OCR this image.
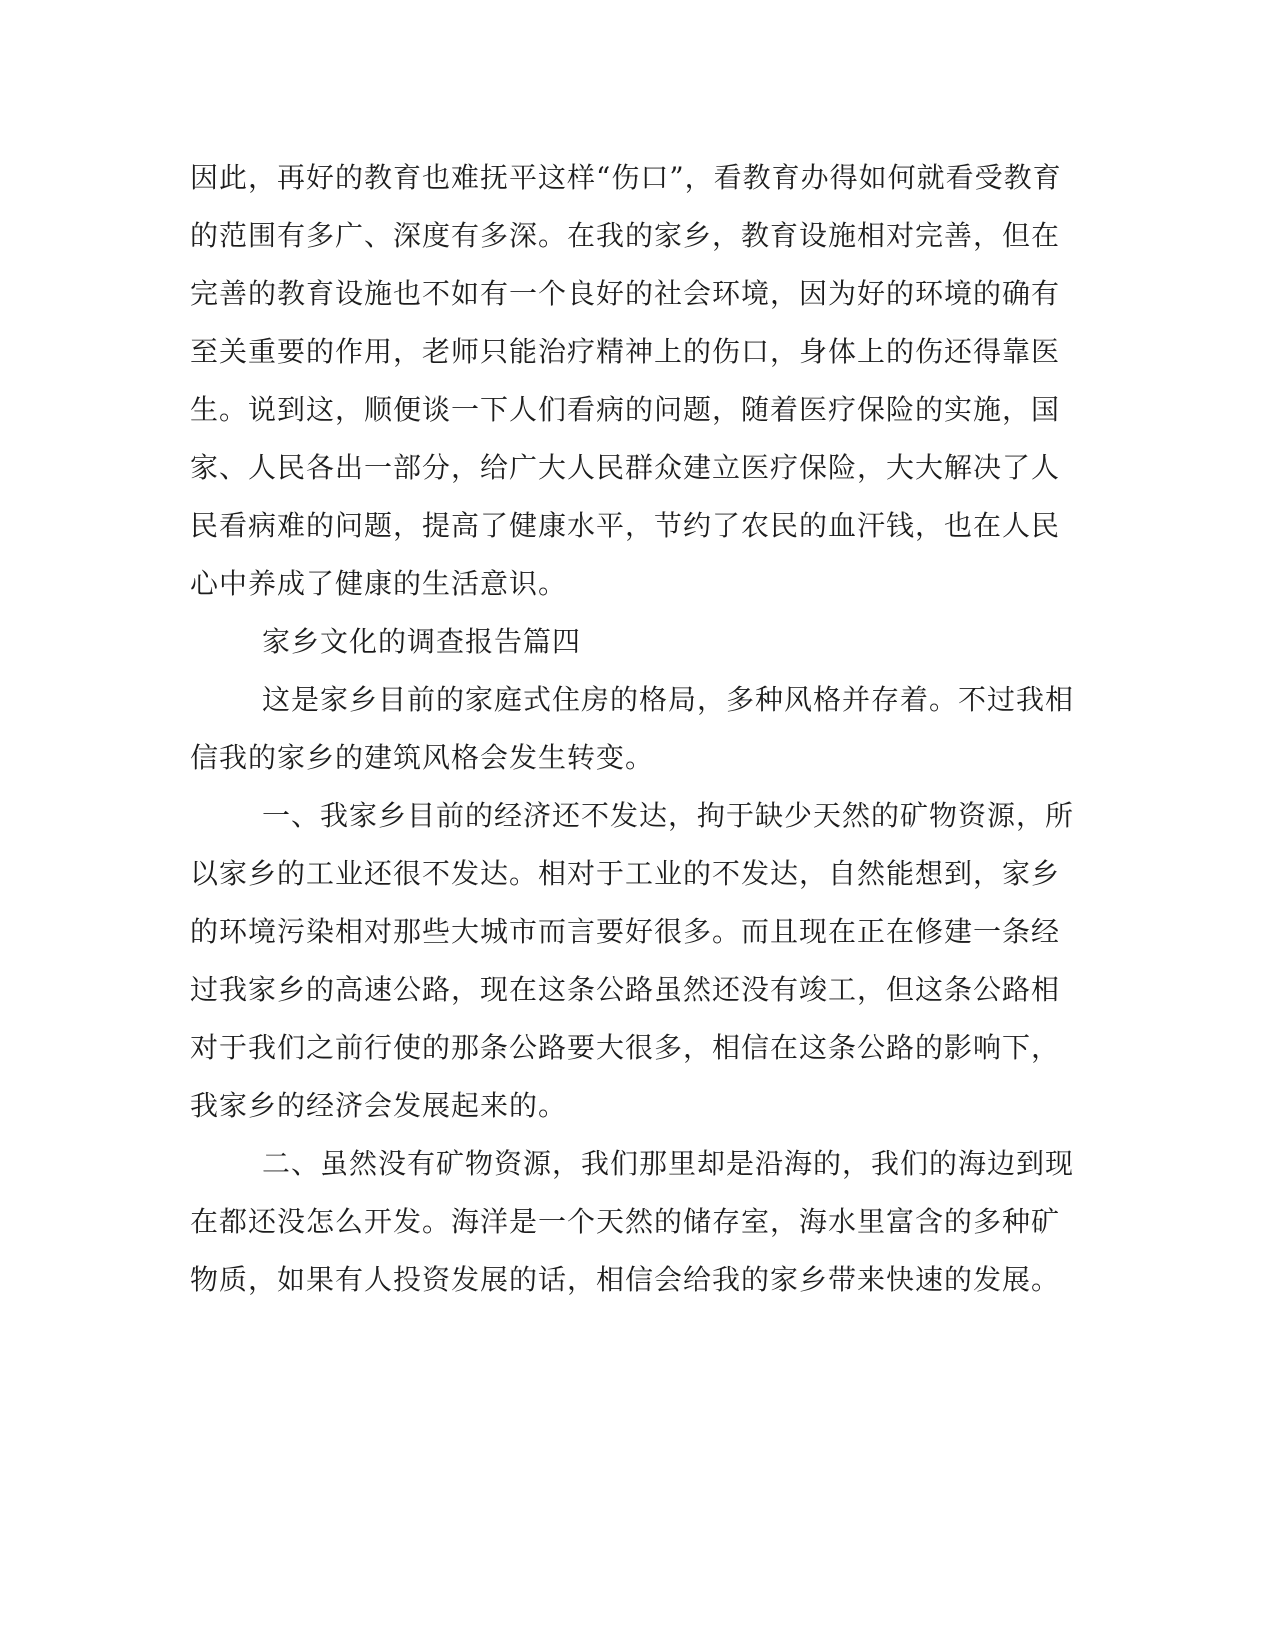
因此，再好的教育也难抚平这样“伤口”，看教育办得如何就看受教育
的范围有多广、深度有多深。在我的家乡，教育设施相对完善，但在
完善的教育设施也不如有一个良好的社会环境，因为好的环境的确有
至关重要的作用，老师只能治疗精神上的伤口，身体上的伤还得靠医
生。说到这，顺便谈一下人们看病的问题，随着医疗保险的实施，国
家、人民各出一部分，给广大人民群众建立医疗保险，大大解决了人
民看病难的问题，提高了健康水平，节约了农民的血汗钱，也在人民
心中养成了健康的生活意识。
家乡文化的调查报告篇四
这是家乡目前的家庭式住房的格局，多种风格并存着。不过我相
信我的家乡的建筑风格会发生转变。
一、我家乡目前的经济还不发达，拘于缺少天然的矿物资源，所
以家乡的工业还很不发达。相对于工业的不发达，自然能想到，家乡
的环境污染相对那些大城市而言要好很多。而且现在正在修建一条经
过我家乡的高速公路，现在这条公路虽然还没有竣工，但这条公路相
对于我们之前行使的那条公路要大很多，相信在这条公路的影响下，
我家乡的经济会发展起来的。
二、虽然没有矿物资源，我们那里却是沿海的，我们的海边到现
在都还没怎么开发。海洋是一个天然的储存室，海水里富含的多种矿
物质，如果有人投资发展的话，相信会给我的家乡带来快速的发展。
